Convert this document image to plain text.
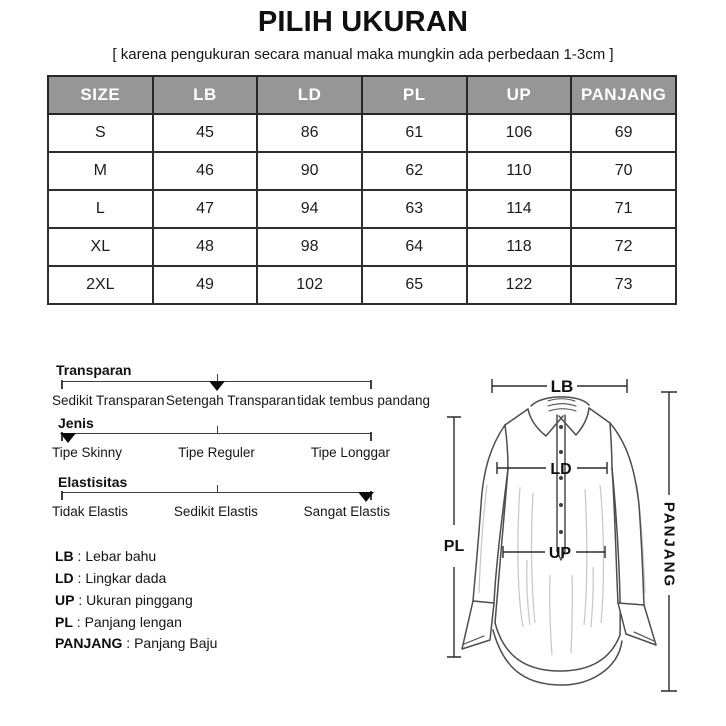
PILIH UKURAN
[ karena pengukuran secara manual maka mungkin ada perbedaan 1-3cm ]
SIZE	LB	LD	PL	UP	PANJANG
S	45	86	61	106	69
M	46	90	62	110	70
L	47	94	63	114	71
XL	48	98	64	118	72
2XL	49	102	65	122	73
Transparan
Sedikit Transparan Setengah Transparan tidak tembus pandang
Jenis
Tipe Skinny	Tipe Reguler	Tipe Longgar
Elastisitas
Tidak Elastis	Sedikit Elastis	Sangat Elastis
LB : Lebar bahu
LD : Lingkar dada
UP : Ukuran pinggang
PL : Panjang lengan
PANJANG : Panjang Baju
LB
LD
UP
PL	PANJANG
